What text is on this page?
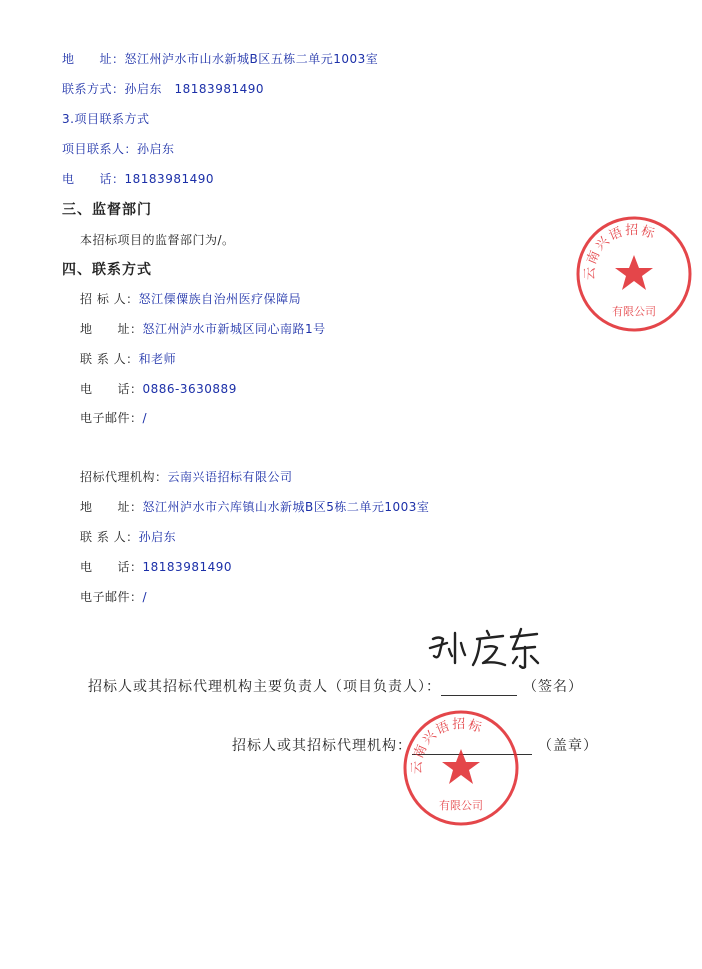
地　　址：怒江州泸水市山水新城B区五栋二单元1003室
联系方式：孙启东　18183981490
3.项目联系方式
项目联系人：孙启东
电　　话：18183981490
三、监督部门
本招标项目的监督部门为/。
四、联系方式
招 标 人：怒江傈僳族自治州医疗保障局
地　　址：怒江州泸水市新城区同心南路1号
联 系 人：和老师
电　　话：0886-3630889
电子邮件：/
招标代理机构：云南兴语招标有限公司
地　　址：怒江州泸水市六库镇山水新城B区5栋二单元1003室
联 系 人：孙启东
电　　话：18183981490
电子邮件：/
招标人或其招标代理机构主要负责人（项目负责人）：	（签名）
招标人或其招标代理机构：	（盖章）
云南兴语招标
有限公司
云南兴语招标
有限公司
